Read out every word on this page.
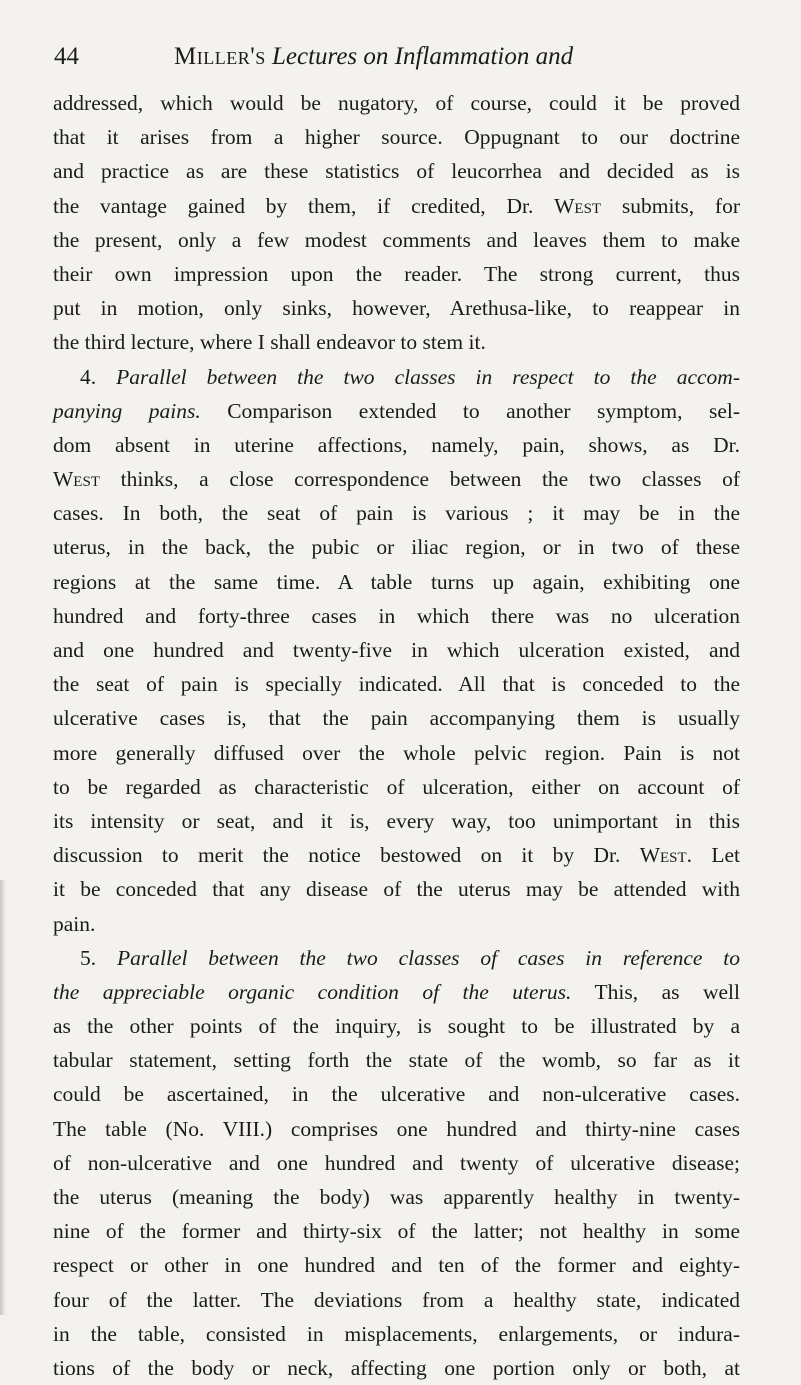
44	Miller's Lectures on Inflammation and
addressed, which would be nugatory, of course, could it be proved
that it arises from a higher source. Oppugnant to our doctrine
and practice as are these statistics of leucorrhea and decided as is
the vantage gained by them, if credited, Dr. West submits, for
the present, only a few modest comments and leaves them to make
their own impression upon the reader. The strong current, thus
put in motion, only sinks, however, Arethusa-like, to reappear in
the third lecture, where I shall endeavor to stem it.
4. Parallel between the two classes in respect to the accom-
panying pains. Comparison extended to another symptom, sel-
dom absent in uterine affections, namely, pain, shows, as Dr.
West thinks, a close correspondence between the two classes of
cases. In both, the seat of pain is various ; it may be in the
uterus, in the back, the pubic or iliac region, or in two of these
regions at the same time. A table turns up again, exhibiting one
hundred and forty-three cases in which there was no ulceration
and one hundred and twenty-five in which ulceration existed, and
the seat of pain is specially indicated. All that is conceded to the
ulcerative cases is, that the pain accompanying them is usually
more generally diffused over the whole pelvic region. Pain is not
to be regarded as characteristic of ulceration, either on account of
its intensity or seat, and it is, every way, too unimportant in this
discussion to merit the notice bestowed on it by Dr. West. Let
it be conceded that any disease of the uterus may be attended with
pain.
5. Parallel between the two classes of cases in reference to
the appreciable organic condition of the uterus. This, as well
as the other points of the inquiry, is sought to be illustrated by a
tabular statement, setting forth the state of the womb, so far as it
could be ascertained, in the ulcerative and non-ulcerative cases.
The table (No. VIII.) comprises one hundred and thirty-nine cases
of non-ulcerative and one hundred and twenty of ulcerative disease;
the uterus (meaning the body) was apparently healthy in twenty-
nine of the former and thirty-six of the latter; not healthy in some
respect or other in one hundred and ten of the former and eighty-
four of the latter. The deviations from a healthy state, indicated
in the table, consisted in misplacements, enlargements, or indura-
tions of the body or neck, affecting one portion only or both, at
